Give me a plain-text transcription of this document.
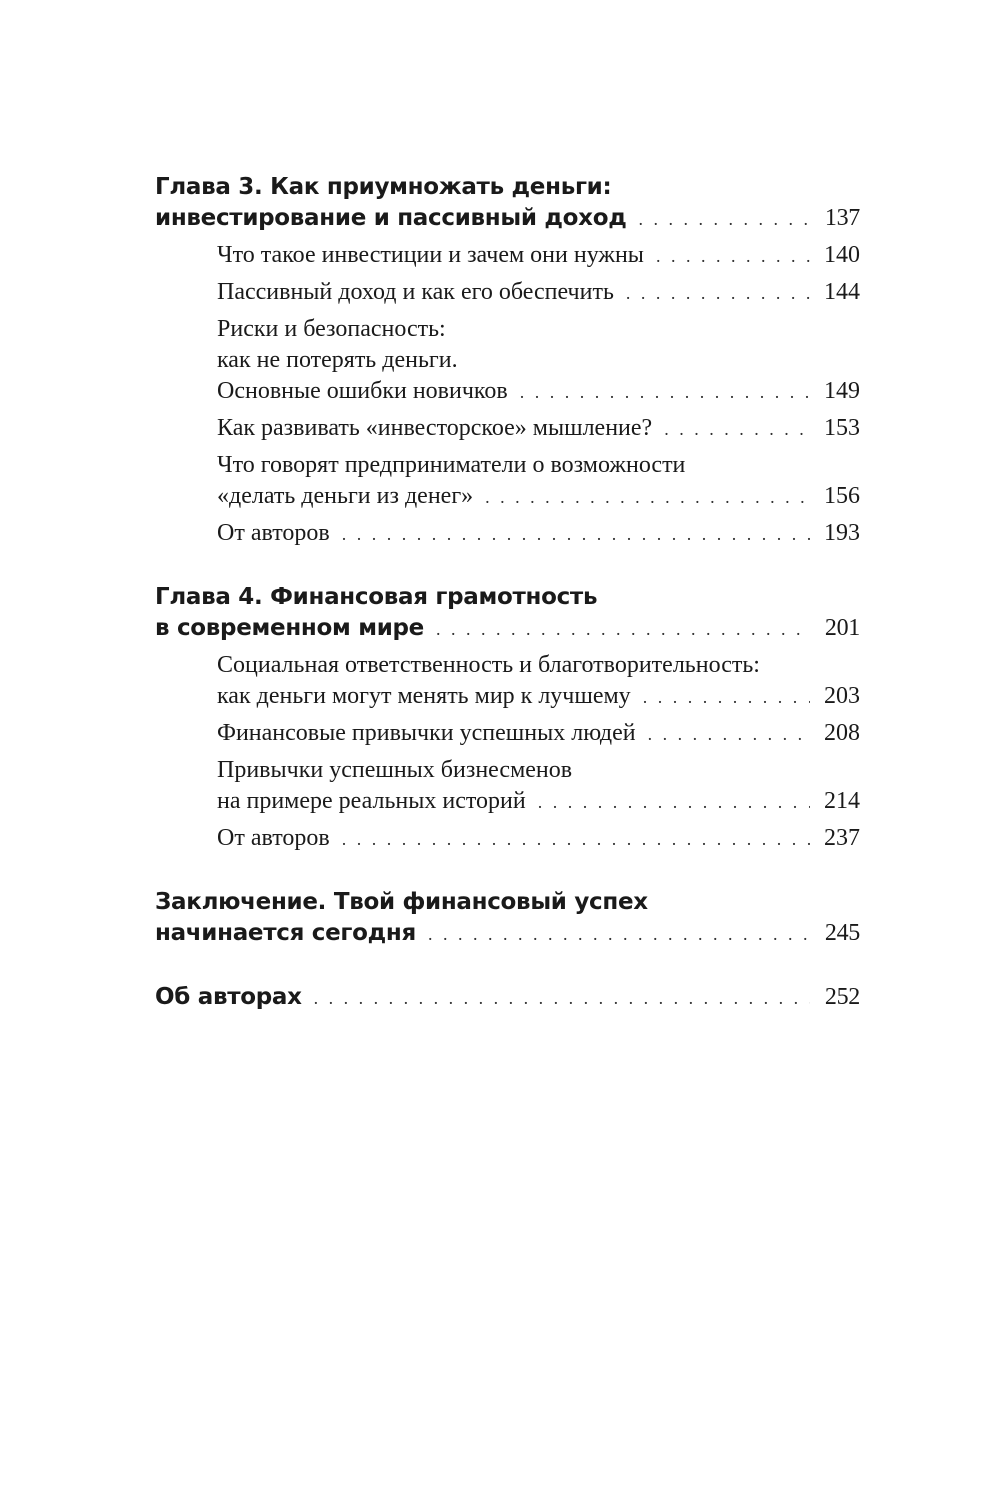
Глава 3. Как приумножать деньги:
инвестирование и пассивный доход . . .	137
Что такое инвестиции и зачем они нужны . . .	140
Пассивный доход и как его обеспечить . . .	144
Риски и безопасность:
как не потерять деньги.
Основные ошибки новичков . . .	149
Как развивать «инвесторское» мышление? . . .	153
Что говорят предприниматели о возможности
«делать деньги из денег» . . .	156
От авторов . . .	193
Глава 4. Финансовая грамотность
в современном мире . . .	201
Социальная ответственность и благотворительность:
как деньги могут менять мир к лучшему . . .	203
Финансовые привычки успешных людей . . .	208
Привычки успешных бизнесменов
на примере реальных историй . . .	214
От авторов . . .	237
Заключение. Твой финансовый успех
начинается сегодня . . .	245
Об авторах . . .	252
